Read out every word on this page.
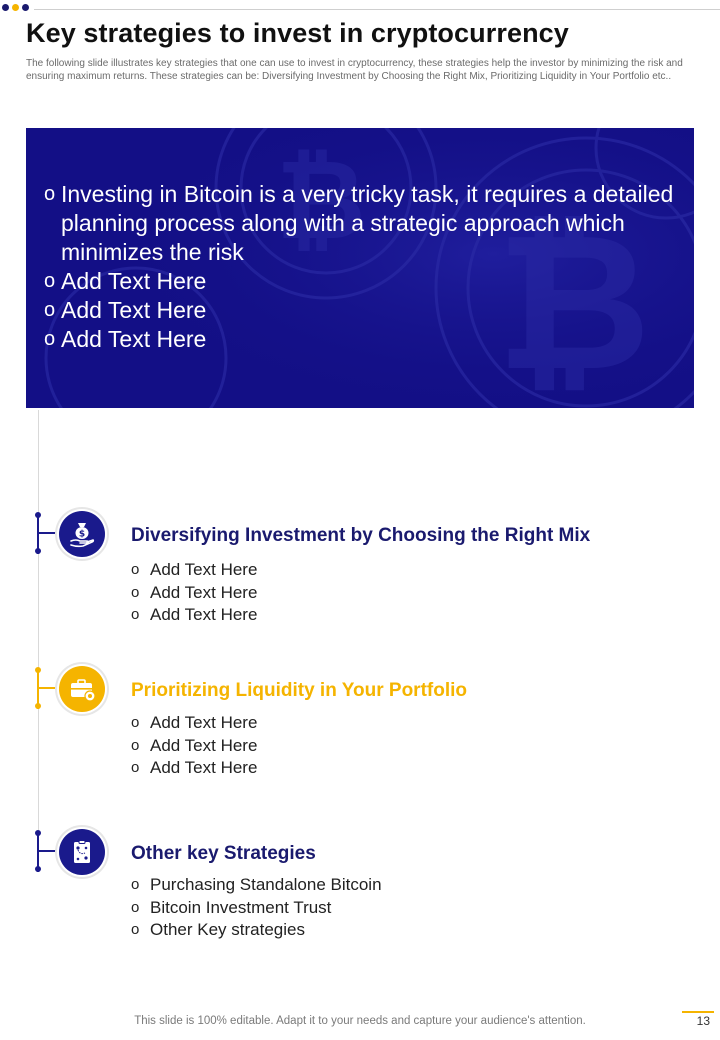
Key strategies to invest in cryptocurrency
The following slide illustrates key strategies that one can use to invest in cryptocurrency, these strategies help the investor by minimizing the risk and ensuring maximum returns. These strategies can be: Diversifying Investment by Choosing the Right Mix, Prioritizing Liquidity in Your Portfolio etc..
₿
₿
o Investing in Bitcoin is a very tricky task, it requires a detailed planning process along with a strategic approach which minimizes the risk
o Add Text Here
o Add Text Here
o Add Text Here
$ Diversifying Investment by Choosing the Right Mix
o Add Text Here
o Add Text Here
o Add Text Here
Prioritizing Liquidity in Your Portfolio
o Add Text Here
o Add Text Here
o Add Text Here
Other key Strategies
o Purchasing Standalone Bitcoin
o Bitcoin Investment Trust
o Other Key strategies
This slide is 100% editable. Adapt it to your needs and capture your audience's attention.	13
